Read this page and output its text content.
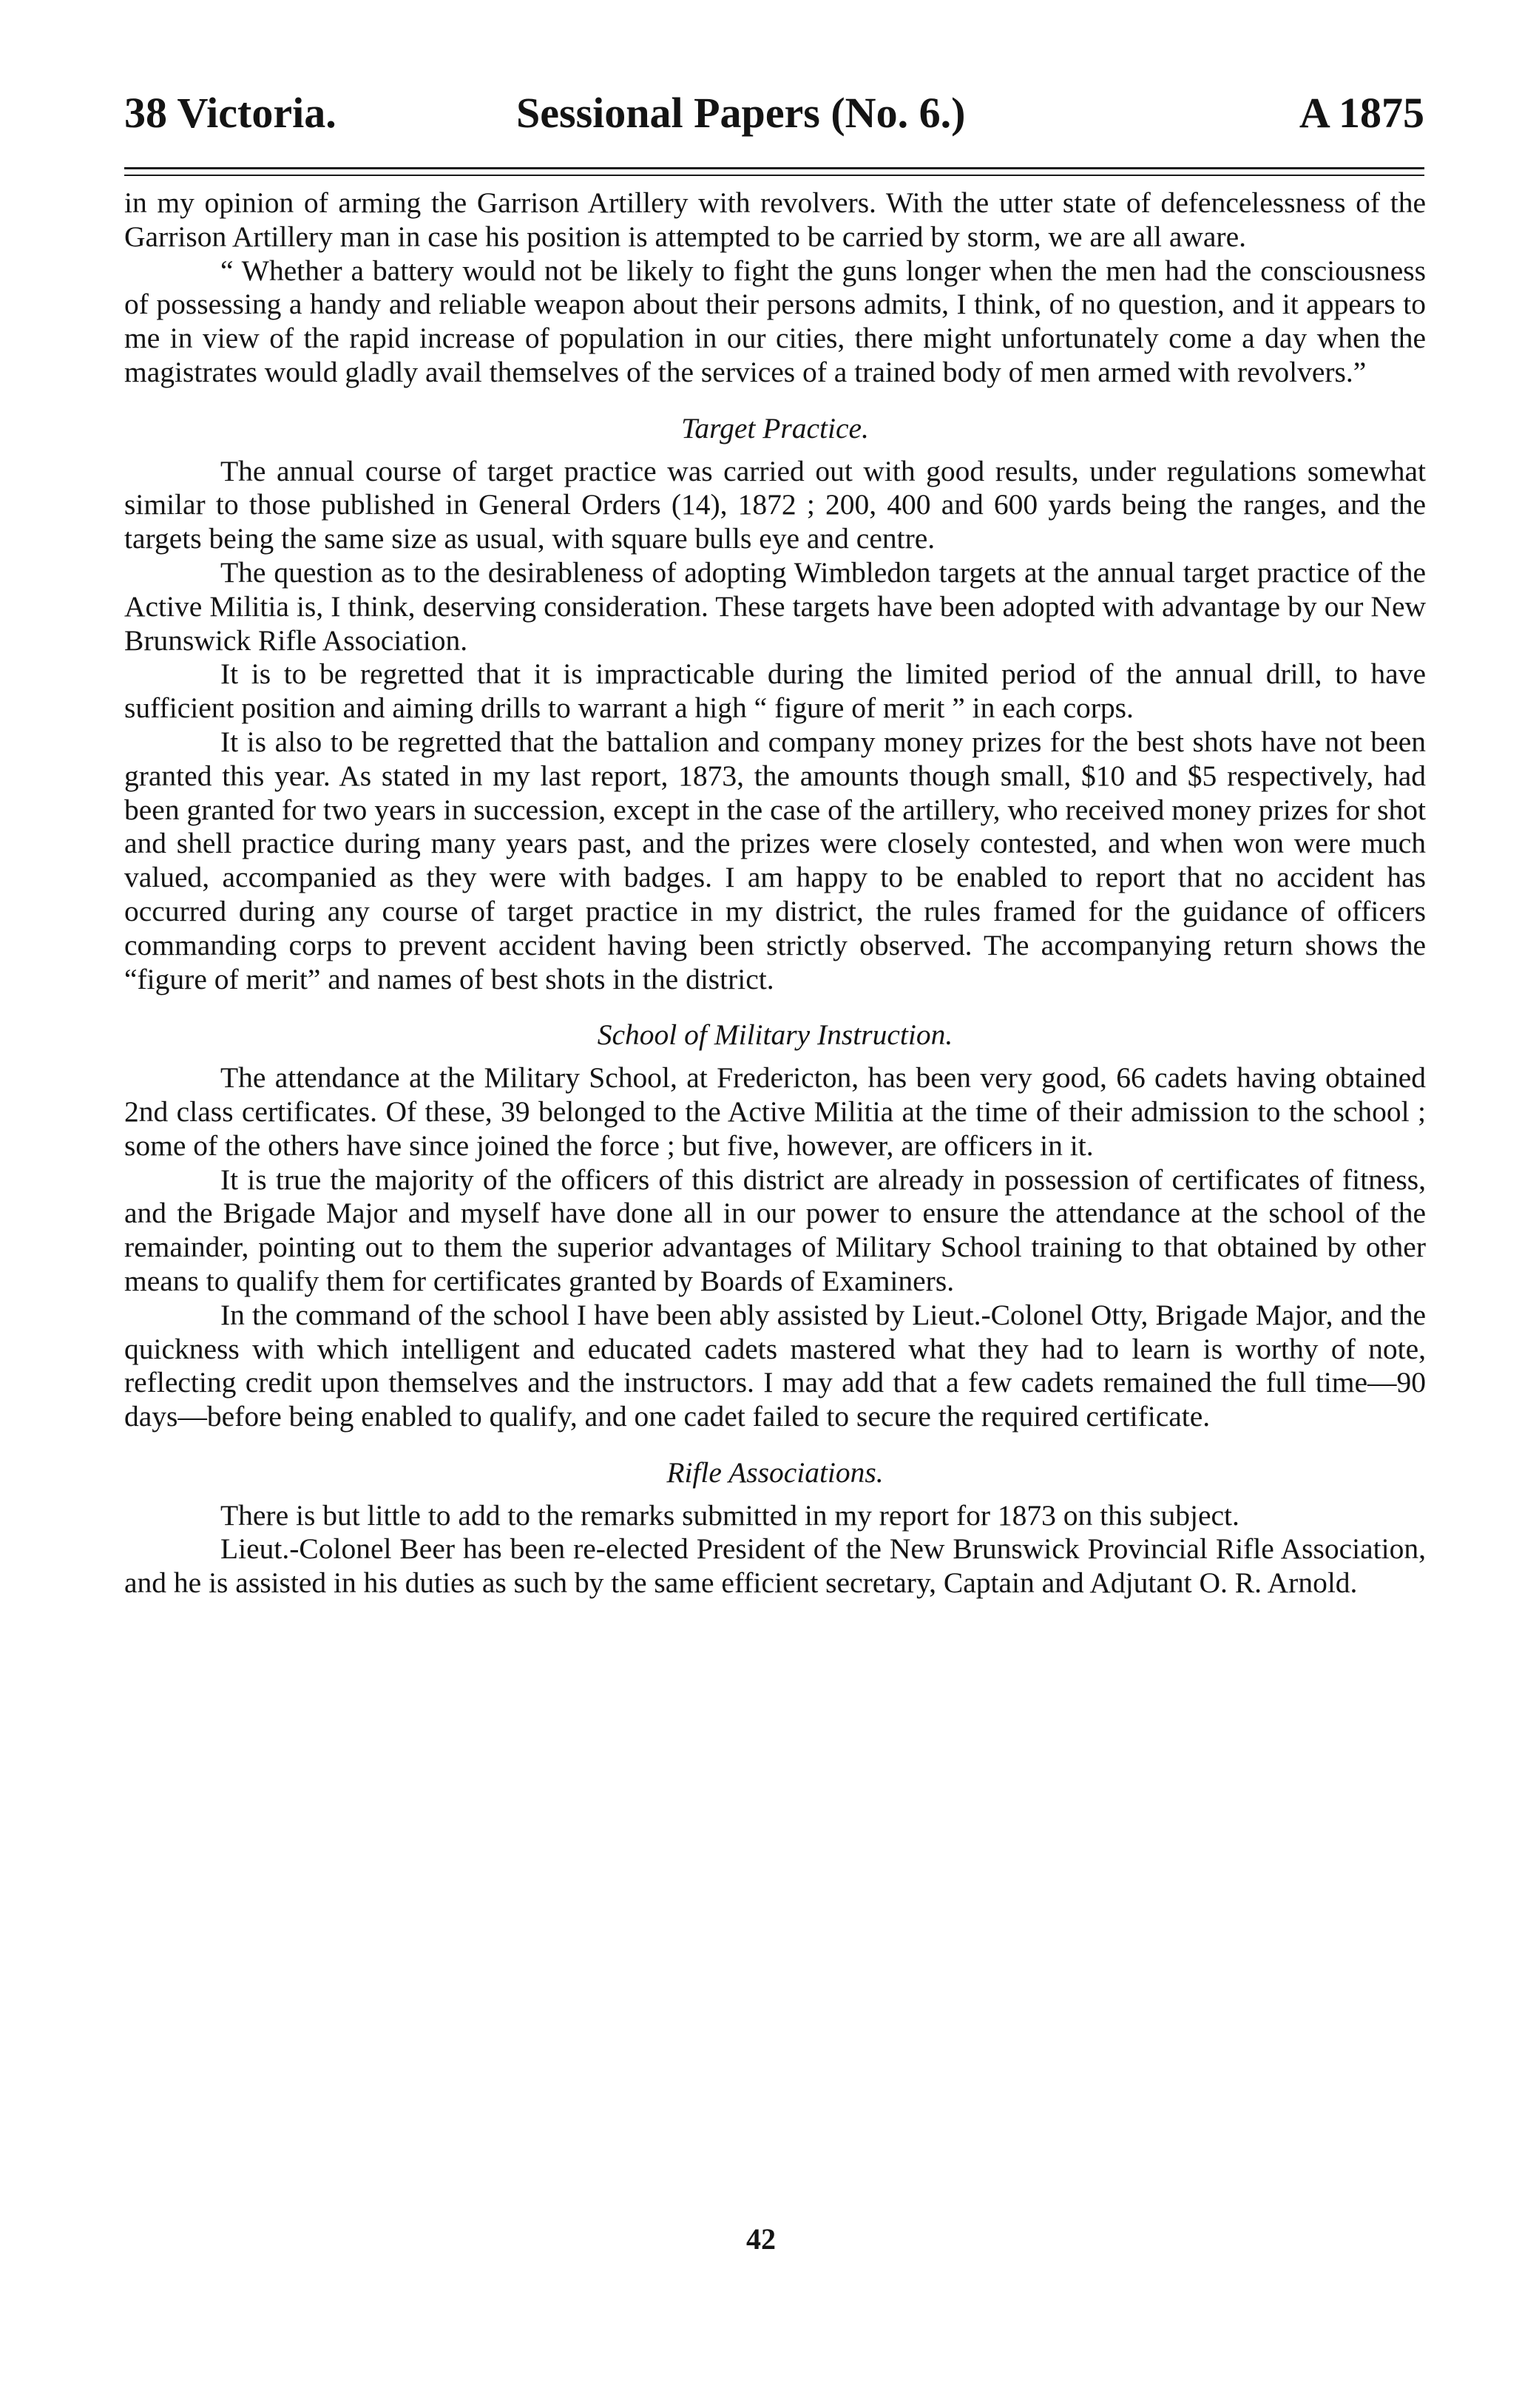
38 Victoria.	Sessional Papers (No. 6.)	A 1875

in my opinion of arming the Garrison Artillery with revolvers. With the utter state of defencelessness of the Garrison Artillery man in case his position is attempted to be carried by storm, we are all aware.

“ Whether a battery would not be likely to fight the guns longer when the men had the consciousness of possessing a handy and reliable weapon about their persons admits, I think, of no question, and it appears to me in view of the rapid increase of population in our cities, there might unfortunately come a day when the magistrates would gladly avail themselves of the services of a trained body of men armed with revolvers.”

Target Practice.

The annual course of target practice was carried out with good results, under regulations somewhat similar to those published in General Orders (14), 1872 ; 200, 400 and 600 yards being the ranges, and the targets being the same size as usual, with square bulls eye and centre.

The question as to the desirableness of adopting Wimbledon targets at the annual target practice of the Active Militia is, I think, deserving consideration. These targets have been adopted with advantage by our New Brunswick Rifle Association.

It is to be regretted that it is impracticable during the limited period of the annual drill, to have sufficient position and aiming drills to warrant a high “ figure of merit ” in each corps.

It is also to be regretted that the battalion and company money prizes for the best shots have not been granted this year. As stated in my last report, 1873, the amounts though small, $10 and $5 respectively, had been granted for two years in succession, except in the case of the artillery, who received money prizes for shot and shell practice during many years past, and the prizes were closely contested, and when won were much valued, accompanied as they were with badges. I am happy to be enabled to report that no accident has occurred during any course of target practice in my district, the rules framed for the guidance of officers commanding corps to prevent accident having been strictly observed. The accompanying return shows the “figure of merit” and names of best shots in the district.

School of Military Instruction.

The attendance at the Military School, at Fredericton, has been very good, 66 cadets having obtained 2nd class certificates. Of these, 39 belonged to the Active Militia at the time of their admission to the school ; some of the others have since joined the force ; but five, however, are officers in it.

It is true the majority of the officers of this district are already in possession of certificates of fitness, and the Brigade Major and myself have done all in our power to ensure the attendance at the school of the remainder, pointing out to them the superior advantages of Military School training to that obtained by other means to qualify them for certificates granted by Boards of Examiners.

In the command of the school I have been ably assisted by Lieut.-Colonel Otty, Brigade Major, and the quickness with which intelligent and educated cadets mastered what they had to learn is worthy of note, reflecting credit upon themselves and the instructors. I may add that a few cadets remained the full time—90 days—before being enabled to qualify, and one cadet failed to secure the required certificate.

Rifle Associations.

There is but little to add to the remarks submitted in my report for 1873 on this subject.

Lieut.-Colonel Beer has been re-elected President of the New Brunswick Provincial Rifle Association, and he is assisted in his duties as such by the same efficient secretary, Captain and Adjutant O. R. Arnold.

42
